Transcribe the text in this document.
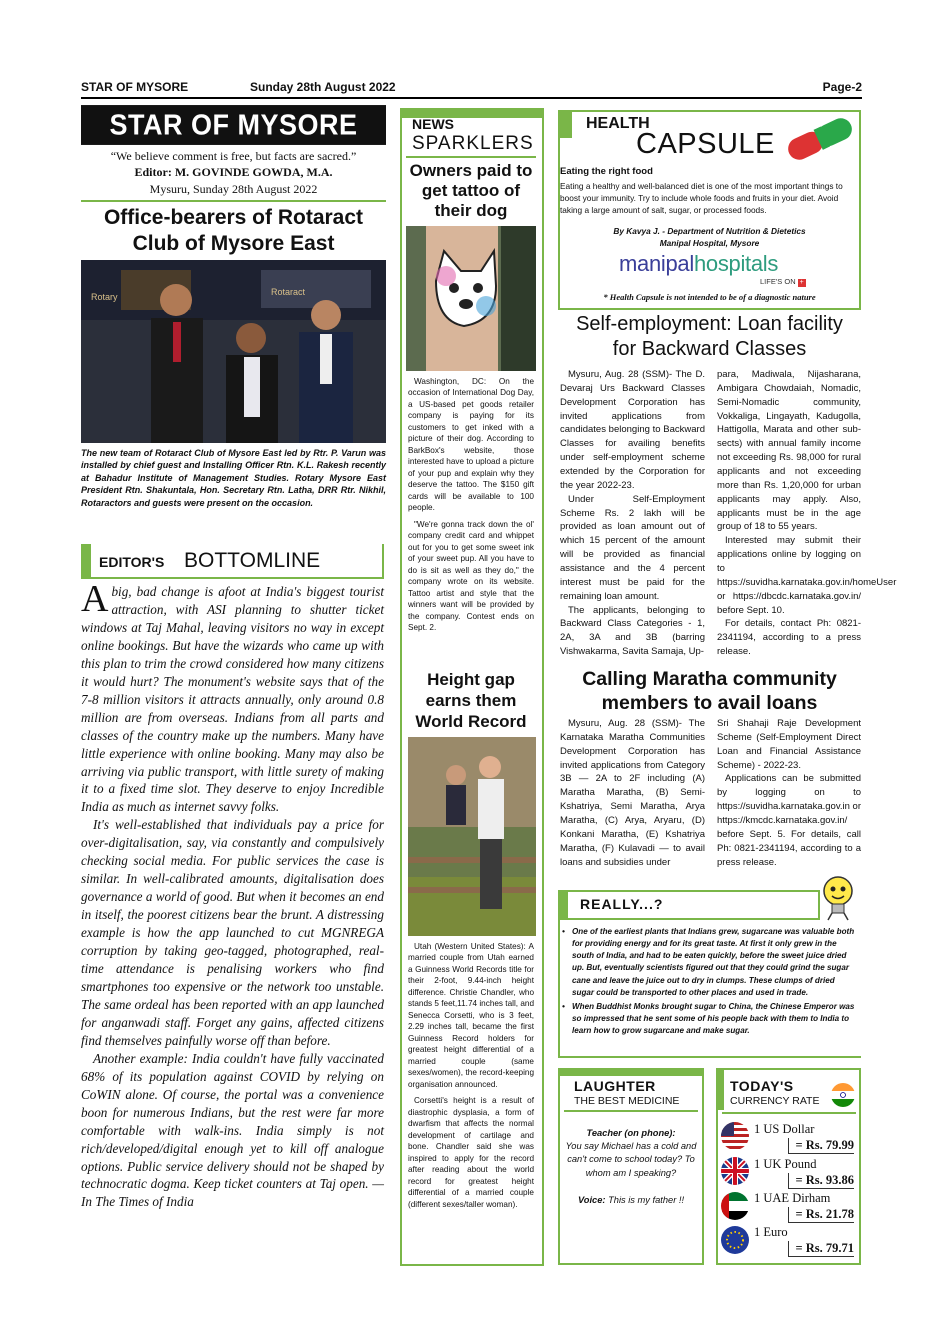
STAR OF MYSORE	Sunday 28th August 2022	Page-2
STAR OF MYSORE
“We believe comment is free, but facts are sacred.”
Editor: M. GOVINDE GOWDA, M.A.
Mysuru, Sunday 28th August 2022
Office-bearers of Rotaract
Club of Mysore East
Rotary	Rotaract
The new team of Rotaract Club of Mysore East led by Rtr. P. Varun was installed by chief guest and Installing Officer Rtn. K.L. Rakesh recently at Bahadur Institute of Management Studies. Rotary Mysore East President Rtn. Shakuntala, Hon. Secretary Rtn. Latha, DRR Rtr. Nikhil, Rotaractors and guests were present on the occasion.
EDITOR'S BOTTOMLINE

Abig, bad change is afoot at India's biggest tourist attraction, with ASI planning to shutter ticket windows at Taj Mahal, leaving visitors no way in except online bookings. But have the wizards who came up with this plan to trim the crowd considered how many citizens it would hurt? The monument's website says that of the 7-8 million visitors it attracts annually, only around 0.8 million are from overseas. Indians from all parts and classes of the country make up the numbers. Many have little experience with online booking. Many may also be arriving via public transport, with little surety of making it to a fixed time slot. They deserve to enjoy Incredible India as much as internet savvy folks.

It's well-established that individuals pay a price for over-digitalisation, say, via constantly and compulsively checking social media. For public services the case is similar. In well-calibrated amounts, digitalisation does governance a world of good. But when it becomes an end in itself, the poorest citizens bear the brunt. A distressing example is how the app launched to cut MGNREGA corruption by taking geo-tagged, photographed, real-time attendance is penalising workers who find smartphones too expensive or the network too unstable. The same ordeal has been reported with an app launched for anganwadi staff. Forget any gains, affected citizens find themselves painfully worse off than before.

Another example: India couldn't have fully vaccinated 68% of its population against COVID by relying on CoWIN alone. Of course, the portal was a convenience boon for numerous Indians, but the rest were far more comfortable with walk-ins. India simply is not rich/developed/digital enough yet to kill off analogue options. Public service delivery should not be shaped by technocratic dogma. Keep ticket counters at Taj open. —In The Times of India

NEWS
SPARKLERS
Owners paid to get tattoo of their dog

Washington, DC: On the occasion of International Dog Day, a US-based pet goods retailer company is paying for its customers to get inked with a picture of their dog. According to BarkBox's website, those interested have to upload a picture of your pup and explain why they deserve the tattoo. The $150 gift cards will be available to 100 people.

"We're gonna track down the ol' company credit card and whippet out for you to get some sweet ink of your sweet pup. All you have to do is sit as well as they do," the company wrote on its website. Tattoo artist and style that the winners want will be provided by the company. Contest ends on Sept. 2.

Height gap earns them World Record

Utah (Western United States): A married couple from Utah earned a Guinness World Records title for their 2-foot, 9.44-inch height difference. Christie Chandler, who stands 5 feet,11.74 inches tall, and Senecca Corsetti, who is 3 feet, 2.29 inches tall, became the first Guinness Record holders for greatest height differential of a married couple (same sexes/women), the record-keeping organisation announced.

Corsetti's height is a result of diastrophic dysplasia, a form of dwarfism that affects the normal development of cartilage and bone. Chandler said she was inspired to apply for the record after reading about the world record for greatest height differential of a married couple (different sexes/taller woman).

HEALTH
CAPSULE
Eating the right food
Eating a healthy and well-balanced diet is one of the most important things to boost your immunity. Try to include whole foods and fruits in your diet. Avoid taking a large amount of salt, sugar, or processed foods.
By Kavya J. - Department of Nutrition & Dietetics
Manipal Hospital, Mysore
manipalhospitals
LIFE'S ON +
* Health Capsule is not intended to be of a diagnostic nature
Self-employment: Loan facility
for Backward Classes

Mysuru, Aug. 28 (SSM)- The D. Devaraj Urs Backward Classes Development Corporation has invited applications from candidates belonging to Backward Classes for availing benefits under self-employment scheme extended by the Corporation for the year 2022-23.

Under Self-Employment Scheme Rs. 2 lakh will be provided as loan amount out of which 15 percent of the amount will be provided as financial assistance and the 4 percent interest must be paid for the remaining loan amount.

The applicants, belonging to Backward Class Categories - 1, 2A, 3A and 3B (barring Vishwakarma, Savita Samaja, Up-

para, Madiwala, Nijasharana, Ambigara Chowdaiah, Nomadic, Semi-Nomadic community, Vokkaliga, Lingayath, Kadugolla, Hattigolla, Marata and other sub-sects) with annual family income not exceeding Rs. 98,000 for rural applicants and not exceeding more than Rs. 1,20,000 for urban applicants may apply. Also, applicants must be in the age group of 18 to 55 years.

Interested may submit their applications online by logging on to https://suvidha.karnataka.gov.in/homeUser or https://dbcdc.karnataka.gov.in/ before Sept. 10.

For details, contact Ph: 0821-2341194, according to a press release.

Calling Maratha community
members to avail loans

Mysuru, Aug. 28 (SSM)- The Karnataka Maratha Communities Development Corporation has invited applications from Category 3B — 2A to 2F including (A) Maratha Maratha, (B) Semi-Kshatriya, Semi Maratha, Arya Maratha, (C) Arya, Aryaru, (D) Konkani Maratha, (E) Kshatriya Maratha, (F) Kulavadi — to avail loans and subsidies under

Sri Shahaji Raje Development Scheme (Self-Employment Direct Loan and Financial Assistance Scheme) - 2022-23.

Applications can be submitted by logging on to https://suvidha.karnataka.gov.in or https://kmcdc.karnataka.gov.in/ before Sept. 5. For details, call Ph: 0821-2341194, according to a press release.

REALLY...?
• One of the earliest plants that Indians grew, sugarcane was valuable both for providing energy and for its great taste. At first it only grew in the south of India, and had to be eaten quickly, before the sweet juice dried up. But, eventually scientists figured out that they could grind the sugar cane and leave the juice out to dry in clumps. These clumps of dried sugar could be transported to other places and used in trade.
• When Buddhist Monks brought sugar to China, the Chinese Emperor was so impressed that he sent some of his people back with them to India to learn how to grow sugarcane and make sugar.
LAUGHTER
THE BEST MEDICINE
Teacher (on phone):
You say Michael has a cold and can't come to school today? To whom am I speaking?
Voice: This is my father !!
TODAY'S
CURRENCY RATE
1 US Dollar
= Rs. 79.99
1 UK Pound
= Rs. 93.86
1 UAE Dirham
= Rs. 21.78
1 Euro
= Rs. 79.71
